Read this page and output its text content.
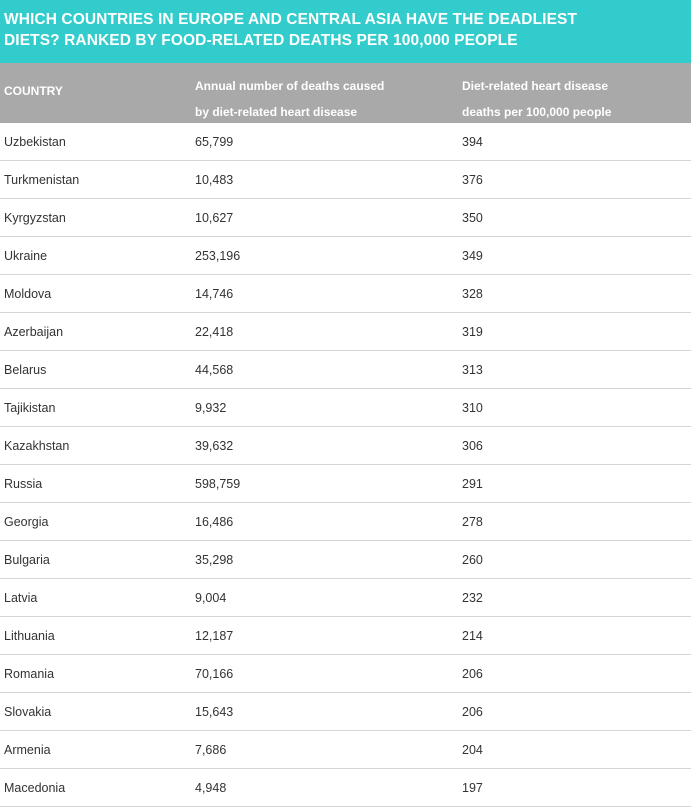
WHICH COUNTRIES IN EUROPE AND CENTRAL ASIA HAVE THE DEADLIEST
DIETS? RANKED BY FOOD-RELATED DEATHS PER 100,000 PEOPLE
COUNTRY	Annual number of deaths caused
by diet-related heart disease
Diet-related heart disease
deaths per 100,000 people
Uzbekistan	65,799	394
Turkmenistan	10,483	376
Kyrgyzstan	10,627	350
Ukraine	253,196	349
Moldova	14,746	328
Azerbaijan	22,418	319
Belarus	44,568	313
Tajikistan	9,932	310
Kazakhstan	39,632	306
Russia	598,759	291
Georgia	16,486	278
Bulgaria	35,298	260
Latvia	9,004	232
Lithuania	12,187	214
Romania	70,166	206
Slovakia	15,643	206
Armenia	7,686	204
Macedonia	4,948	197
